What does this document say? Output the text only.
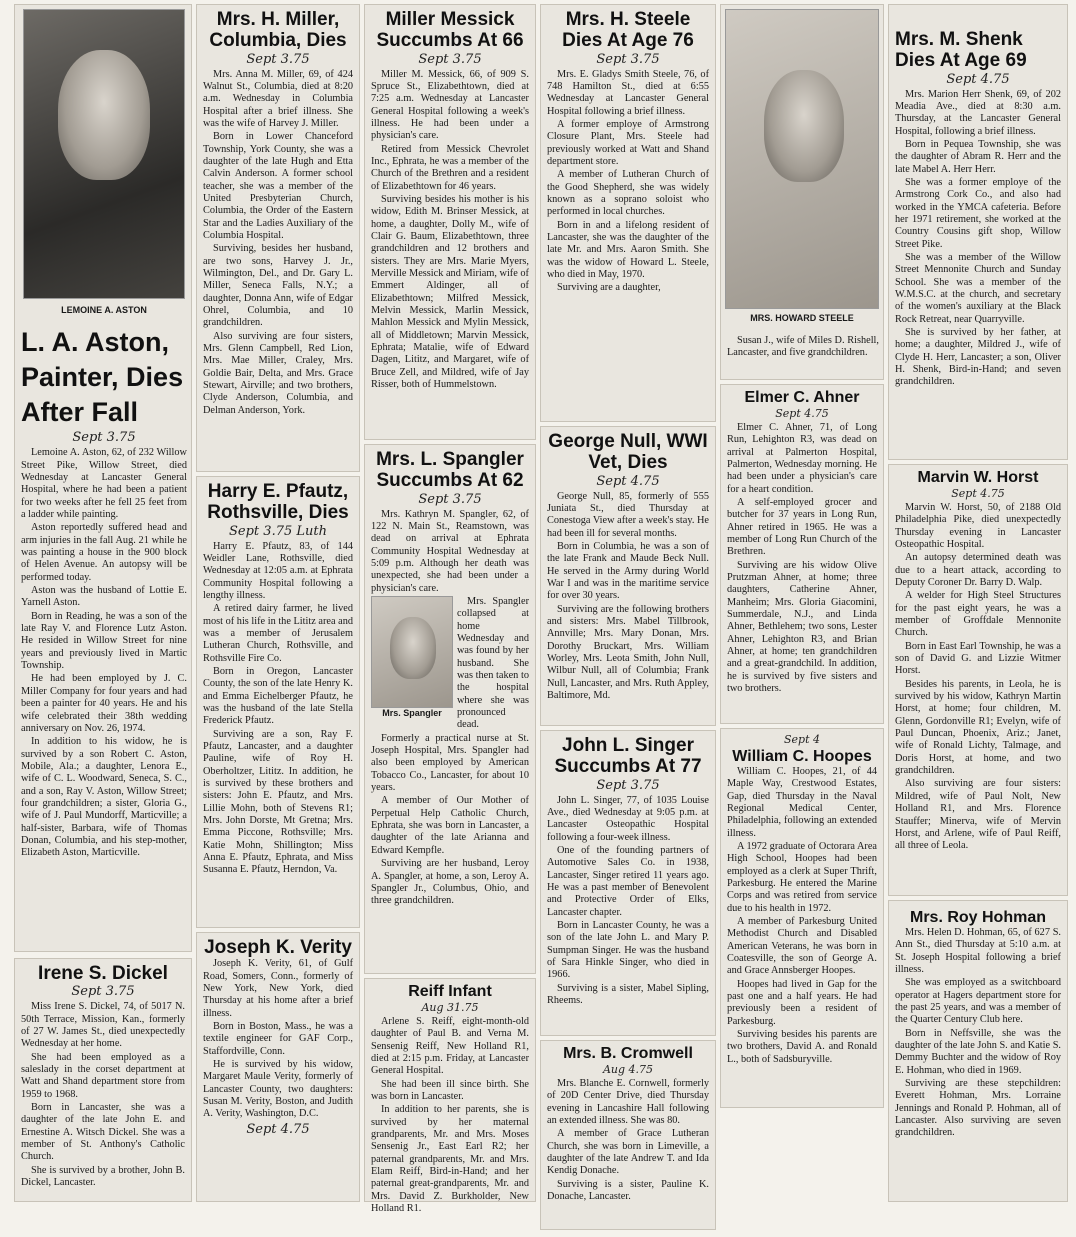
LEMOINE A. ASTON
L. A. Aston, Painter, Dies After Fall
Sept 3.75

Lemoine A. Aston, 62, of 232 Willow Street Pike, Willow Street, died Wednesday at Lancaster General Hospital, where he had been a patient for two weeks after he fell 25 feet from a ladder while painting.

Aston reportedly suffered head and arm injuries in the fall Aug. 21 while he was painting a house in the 900 block of Helen Avenue. An autopsy will be performed today.

Aston was the husband of Lottie E. Yarnell Aston.

Born in Reading, he was a son of the late Ray V. and Florence Lutz Aston. He resided in Willow Street for nine years and previously lived in Martic Township.

He had been employed by J. C. Miller Company for four years and had been a painter for 40 years. He and his wife celebrated their 38th wedding anniversary on Nov. 26, 1974.

In addition to his widow, he is survived by a son Robert C. Aston, Mobile, Ala.; a daughter, Lenora E., wife of C. L. Woodward, Seneca, S. C., and a son, Ray V. Aston, Willow Street; four grandchildren; a sister, Gloria G., wife of J. Paul Mundorff, Marticville; a half-sister, Barbara, wife of Thomas Donan, Columbia, and his step-mother, Elizabeth Aston, Marticville.

Irene S. Dickel
Sept 3.75

Miss Irene S. Dickel, 74, of 5017 N. 50th Terrace, Mission, Kan., formerly of 27 W. James St., died unexpectedly Wednesday at her home.

She had been employed as a saleslady in the corset department at Watt and Shand department store from 1959 to 1968.

Born in Lancaster, she was a daughter of the late John E. and Ernestine A. Witsch Dickel. She was a member of St. Anthony's Catholic Church.

She is survived by a brother, John B. Dickel, Lancaster.

Mrs. H. Miller, Columbia, Dies
Sept 3.75

Mrs. Anna M. Miller, 69, of 424 Walnut St., Columbia, died at 8:20 a.m. Wednesday in Columbia Hospital after a brief illness. She was the wife of Harvey J. Miller.

Born in Lower Chanceford Township, York County, she was a daughter of the late Hugh and Etta Calvin Anderson. A former school teacher, she was a member of the United Presbyterian Church, Columbia, the Order of the Eastern Star and the Ladies Auxiliary of the Columbia Hospital.

Surviving, besides her husband, are two sons, Harvey J. Jr., Wilmington, Del., and Dr. Gary L. Miller, Seneca Falls, N.Y.; a daughter, Donna Ann, wife of Edgar Ohrel, Columbia, and 10 grandchildren.

Also surviving are four sisters, Mrs. Glenn Campbell, Red Lion, Mrs. Mae Miller, Craley, Mrs. Goldie Bair, Delta, and Mrs. Grace Stewart, Airville; and two brothers, Clyde Anderson, Columbia, and Delman Anderson, York.

Harry E. Pfautz, Rothsville, Dies
Sept 3.75 Luth

Harry E. Pfautz, 83, of 144 Weidler Lane, Rothsville, died Wednesday at 12:05 a.m. at Ephrata Community Hospital following a lengthy illness.

A retired dairy farmer, he lived most of his life in the Lititz area and was a member of Jerusalem Lutheran Church, Rothsville, and Rothsville Fire Co.

Born in Oregon, Lancaster County, the son of the late Henry K. and Emma Eichelberger Pfautz, he was the husband of the late Stella Frederick Pfautz.

Surviving are a son, Ray F. Pfautz, Lancaster, and a daughter Pauline, wife of Roy H. Oberholtzer, Lititz. In addition, he is survived by these brothers and sisters: John E. Pfautz, and Mrs. Lillie Mohn, both of Stevens R1; Mrs. John Dorste, Mt Gretna; Mrs. Emma Piccone, Rothsville; Mrs. Katie Mohn, Shillington; Miss Anna E. Pfautz, Ephrata, and Miss Susanna E. Pfautz, Herndon, Va.

Joseph K. Verity

Joseph K. Verity, 61, of Gulf Road, Somers, Conn., formerly of New York, New York, died Thursday at his home after a brief illness.

Born in Boston, Mass., he was a textile engineer for GAF Corp., Staffordville, Conn.

He is survived by his widow, Margaret Maule Verity, formerly of Lancaster County, two daughters: Susan M. Verity, Boston, and Judith A. Verity, Washington, D.C.

Sept 4.75
Miller Messick Succumbs At 66
Sept 3.75

Miller M. Messick, 66, of 909 S. Spruce St., Elizabethtown, died at 7:25 a.m. Wednesday at Lancaster General Hospital following a week's illness. He had been under a physician's care.

Retired from Messick Chevrolet Inc., Ephrata, he was a member of the Church of the Brethren and a resident of Elizabethtown for 46 years.

Surviving besides his mother is his widow, Edith M. Brinser Messick, at home, a daughter, Dolly M., wife of Clair G. Baum, Elizabethtown, three grandchildren and 12 brothers and sisters. They are Mrs. Marie Myers, Merville Messick and Miriam, wife of Emmert Aldinger, all of Elizabethtown; Milfred Messick, Melvin Messick, Marlin Messick, Mahlon Messick and Mylin Messick, all of Middletown; Marvin Messick, Ephratа; Matalie, wife of Edward Dagen, Lititz, and Margaret, wife of Bruce Zell, and Mildred, wife of Jay Risser, both of Hummelstown.

Mrs. L. Spangler Succumbs At 62
Sept 3.75

Mrs. Kathryn M. Spangler, 62, of 122 N. Main St., Reamstown, was dead on arrival at Ephrata Community Hospital Wednesday at 5:09 p.m. Although her death was unexpected, she had been under a physician's care.

Mrs. Spangler

Mrs. Spangler collapsed at home Wednesday and was found by her husband. She was then taken to the hospital where she was pronounced dead.

Formerly a practical nurse at St. Joseph Hospital, Mrs. Spangler had also been employed by American Tobacco Co., Lancaster, for about 10 years.

A member of Our Mother of Perpetual Help Catholic Church, Ephrata, she was born in Lancaster, a daughter of the late Arianna and Edward Kempfle.

Surviving are her husband, Leroy A. Spangler, at home, a son, Leroy A. Spangler Jr., Columbus, Ohio, and three grandchildren.

Reiff Infant
Aug 31.75

Arlene S. Reiff, eight-month-old daughter of Paul B. and Verna M. Sensenig Reiff, New Holland R1, died at 2:15 p.m. Friday, at Lancaster General Hospital.

She had been ill since birth. She was born in Lancaster.

In addition to her parents, she is survived by her maternal grandparents, Mr. and Mrs. Moses Sensenig Jr., East Earl R2; her paternal grandparents, Mr. and Mrs. Elam Reiff, Bird-in-Hand; and her paternal great-grandparents, Mr. and Mrs. David Z. Burkholder, New Holland R1.

Mrs. H. Steele Dies At Age 76
Sept 3.75

Mrs. E. Gladys Smith Steele, 76, of 748 Hamilton St., died at 6:55 Wednesday at Lancaster General Hospital following a brief illness.

A former employe of Armstrong Closure Plant, Mrs. Steele had previously worked at Watt and Shand department store.

A member of Lutheran Church of the Good Shepherd, she was widely known as a soprano soloist who performed in local churches.

Born in and a lifelong resident of Lancaster, she was the daughter of the late Mr. and Mrs. Aaron Smith. She was the widow of Howard L. Steele, who died in May, 1970.

Surviving are a daughter,

MRS. HOWARD STEELE

Susan J., wife of Miles D. Rishell, Lancaster, and five grandchildren.

George Null, WWI Vet, Dies
Sept 4.75

George Null, 85, formerly of 555 Juniata St., died Thursday at Conestoga View after a week's stay. He had been ill for several months.

Born in Columbia, he was a son of the late Frank and Maude Beck Null. He served in the Army during World War I and was in the maritime service for over 30 years.

Surviving are the following brothers and sisters: Mrs. Mabel Tillbrook, Annville; Mrs. Mary Donan, Mrs. Dorothy Bruckart, Mrs. William Worley, Mrs. Leota Smith, John Null, Wilbur Null, all of Columbia; Frank Null, Lancaster, and Mrs. Ruth Appley, Baltimore, Md.

John L. Singer Succumbs At 77
Sept 3.75

John L. Singer, 77, of 1035 Louise Ave., died Wednesday at 9:05 p.m. at Lancaster Osteopathic Hospital following a four-week illness.

One of the founding partners of Automotive Sales Co. in 1938, Lancaster, Singer retired 11 years ago. He was a past member of Benevolent and Protective Order of Elks, Lancaster chapter.

Born in Lancaster County, he was a son of the late John L. and Mary P. Sumpman Singer. He was the husband of Sara Hinkle Singer, who died in 1966.

Surviving is a sister, Mabel Sipling, Rheems.

Mrs. B. Cromwell
Aug 4.75

Mrs. Blanche E. Cornwell, formerly of 20D Center Drive, died Thursday evening in Lancashire Hall following an extended illness. She was 80.

A member of Grace Lutheran Church, she was born in Limeville, a daughter of the late Andrew T. and Ida Kendig Donache.

Surviving is a sister, Pauline K. Donache, Lancaster.

Elmer C. Ahner
Sept 4.75

Elmer C. Ahner, 71, of Long Run, Lehighton R3, was dead on arrival at Palmerton Hospital, Palmerton, Wednesday morning. He had been under a physician's care for a heart condition.

A self-employed grocer and butcher for 37 years in Long Run, Ahner retired in 1965. He was a member of Long Run Church of the Brethren.

Surviving are his widow Olive Prutzman Ahner, at home; three daughters, Catherine Ahner, Manheim; Mrs. Gloria Giacomini, Summerdale, N.J., and Linda Ahner, Bethlehem; two sons, Lester Ahner, Lehighton R3, and Brian Ahner, at home; ten grandchildren and a great-grandchild. In addition, he is survived by five sisters and two brothers.

Sept 4
William C. Hoopes

William C. Hoopes, 21, of 44 Maple Way, Crestwood Estates, Gap, died Thursday in the Naval Regional Medical Center, Philadelphia, following an extended illness.

A 1972 graduate of Octorara Area High School, Hoopes had been employed as a clerk at Super Thrift, Parkesburg. He entered the Marine Corps and was retired from service due to his health in 1972.

A member of Parkesburg United Methodist Church and Disabled American Veterans, he was born in Coatesville, the son of George A. and Grace Annsberger Hoopes.

Hoopes had lived in Gap for the past one and a half years. He had previously been a resident of Parkesburg.

Surviving besides his parents are two brothers, David A. and Ronald L., both of Sadsburyville.

Mrs. M. Shenk Dies At Age 69
Sept 4.75

Mrs. Marion Herr Shenk, 69, of 202 Meadia Ave., died at 8:30 a.m. Thursday, at the Lancaster General Hospital, following a brief illness.

Born in Pequea Township, she was the daughter of Abram R. Herr and the late Mabel A. Herr Herr.

She was a former employe of the Armstrong Cork Co., and also had worked in the YMCA cafeteria. Before her 1971 retirement, she worked at the Country Cousins gift shop, Willow Street Pike.

She was a member of the Willow Street Mennonite Church and Sunday School. She was a member of the W.M.S.C. at the church, and secretary of the women's auxiliary at the Black Rock Retreat, near Quarryville.

She is survived by her father, at home; a daughter, Mildred J., wife of Clyde H. Herr, Lancaster; a son, Oliver H. Shenk, Bird-in-Hand; and seven grandchildren.

Marvin W. Horst
Sept 4.75

Marvin W. Horst, 50, of 2188 Old Philadelphia Pike, died unexpectedly Thursday evening in Lancaster Osteopathic Hospital.

An autopsy determined death was due to a heart attack, according to Deputy Coroner Dr. Barry D. Walp.

A welder for High Steel Structures for the past eight years, he was a member of Groffdale Mennonite Church.

Born in East Earl Township, he was a son of David G. and Lizzie Witmer Horst.

Besides his parents, in Leola, he is survived by his widow, Kathryn Martin Horst, at home; four children, M. Glenn, Gordonville R1; Evelyn, wife of Paul Duncan, Phoenix, Ariz.; Janet, wife of Ronald Lichty, Talmage, and Doris Horst, at home, and two grandchildren.

Also surviving are four sisters: Mildred, wife of Paul Nolt, New Holland R1, and Mrs. Florence Stauffer; Minerva, wife of Mervin Horst, and Arlene, wife of Paul Reiff, all three of Leola.

Mrs. Roy Hohman

Mrs. Helen D. Hohman, 65, of 627 S. Ann St., died Thursday at 5:10 a.m. at St. Joseph Hospital following a brief illness.

She was employed as a switchboard operator at Hagers department store for the past 25 years, and was a member of the Quarter Century Club here.

Born in Neffsville, she was the daughter of the late John S. and Katie S. Demmy Buchter and the widow of Roy E. Hohman, who died in 1969.

Surviving are these stepchildren: Everett Hohman, Mrs. Lorraine Jennings and Ronald P. Hohman, all of Lancaster. Also surviving are seven grandchildren.
